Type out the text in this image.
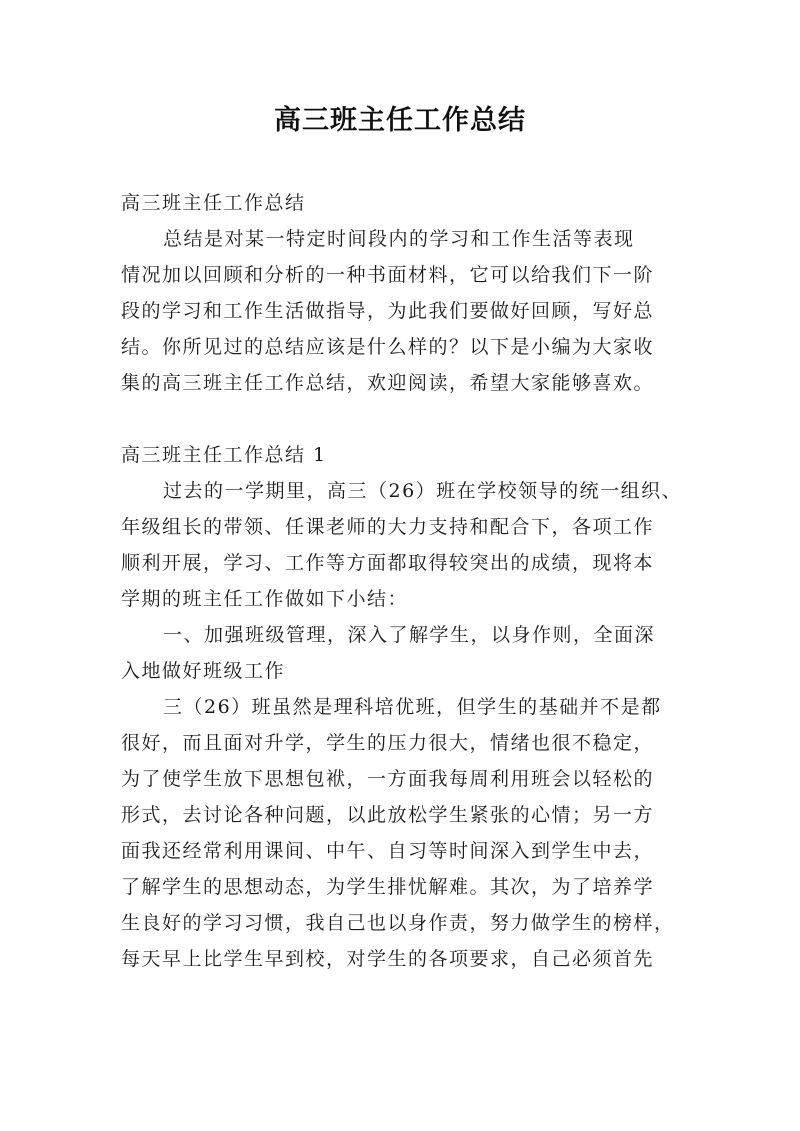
高三班主任工作总结
高三班主任工作总结
总结是对某一特定时间段内的学习和工作生活等表现
情况加以回顾和分析的一种书面材料，它可以给我们下一阶
段的学习和工作生活做指导，为此我们要做好回顾，写好总
结。你所见过的总结应该是什么样的？以下是小编为大家收
集的高三班主任工作总结，欢迎阅读，希望大家能够喜欢。
高三班主任工作总结 1
过去的一学期里，高三（26）班在学校领导的统一组织、
年级组长的带领、任课老师的大力支持和配合下，各项工作
顺利开展，学习、工作等方面都取得较突出的成绩，现将本
学期的班主任工作做如下小结：
一、加强班级管理，深入了解学生，以身作则，全面深
入地做好班级工作
三（26）班虽然是理科培优班，但学生的基础并不是都
很好，而且面对升学，学生的压力很大，情绪也很不稳定，
为了使学生放下思想包袱，一方面我每周利用班会以轻松的
形式，去讨论各种问题，以此放松学生紧张的心情；另一方
面我还经常利用课间、中午、自习等时间深入到学生中去，
了解学生的思想动态，为学生排忧解难。其次，为了培养学
生良好的学习习惯，我自己也以身作责，努力做学生的榜样，
每天早上比学生早到校，对学生的各项要求，自己必须首先
